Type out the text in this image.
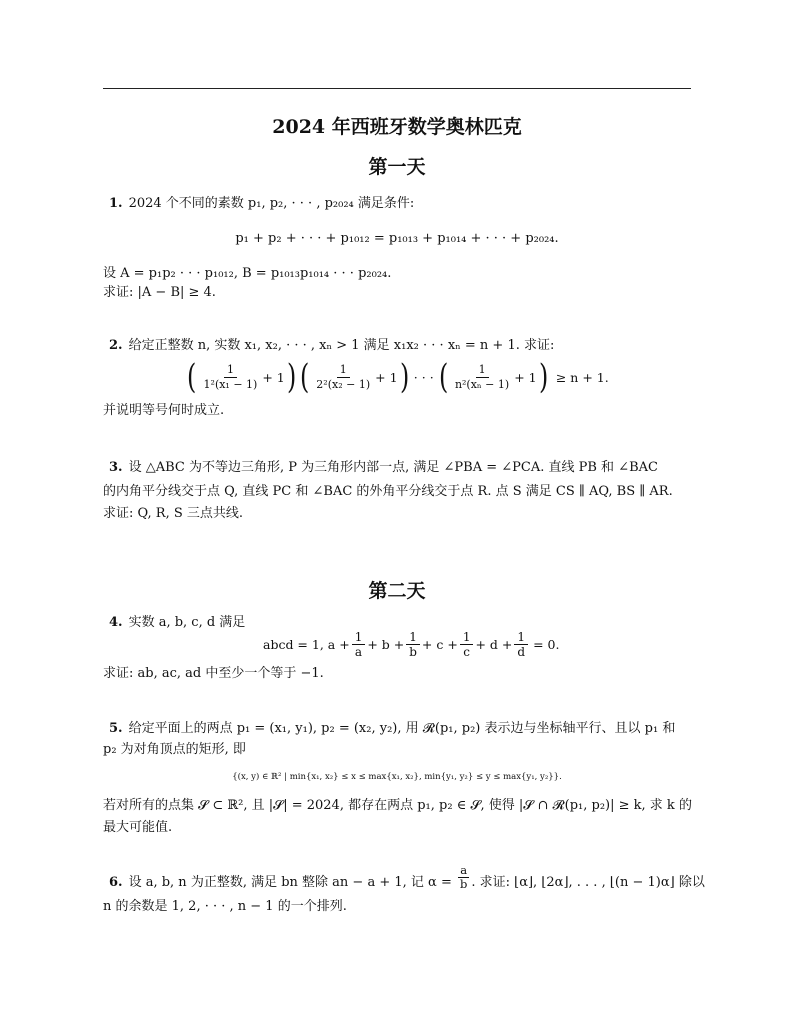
2024 年西班牙数学奥林匹克
第一天
1. 2024 个不同的素数 p₁, p₂, · · · , p₂₀₂₄ 满足条件:
p₁ + p₂ + · · · + p₁₀₁₂ = p₁₀₁₃ + p₁₀₁₄ + · · · + p₂₀₂₄.
设 A = p₁p₂ · · · p₁₀₁₂, B = p₁₀₁₃p₁₀₁₄ · · · p₂₀₂₄.
求证: |A − B| ≥ 4.
2. 给定正整数 n, 实数 x₁, x₂, · · · , xₙ > 1 满足 x₁x₂ · · · xₙ = n + 1. 求证:
( $\frac{1}{\text{1²(x₁ − 1)}} + 1$ ) ( $\frac{1}{\text{2²(x₂ − 1)}} + 1$ ) · · · ( $\frac{1}{\text{n²(xₙ − 1)}} + 1$ ) ≥ n + 1.
并说明等号何时成立.
3. 设 △ABC 为不等边三角形, P 为三角形内部一点, 满足 ∠PBA = ∠PCA. 直线 PB 和 ∠BAC
的内角平分线交于点 Q, 直线 PC 和 ∠BAC 的外角平分线交于点 R. 点 S 满足 CS ∥ AQ, BS ∥ AR.
求证: Q, R, S 三点共线.
第二天
4. 实数 a, b, c, d 满足
abcd = 1, $a + \frac{1}{a} + b + \frac{1}{b} + c + \frac{1}{c} + d + \frac{1}{d} = 0$.
求证: ab, ac, ad 中至少一个等于 −1.
5. 给定平面上的两点 p₁ = (x₁, y₁), p₂ = (x₂, y₂), 用 𝓡(p₁, p₂) 表示边与坐标轴平行、且以 p₁ 和
p₂ 为对角顶点的矩形, 即
{(x, y) ∈ ℝ² | min{x₁, x₂} ≤ x ≤ max{x₁, x₂}, min{y₁, y₂} ≤ y ≤ max{y₁, y₂}}.
若对所有的点集 𝓢 ⊂ ℝ², 且 |𝓢| = 2024, 都存在两点 p₁, p₂ ∈ 𝓢, 使得 |𝓢 ∩ 𝓡(p₁, p₂)| ≥ k, 求 k 的
最大可能值.
6. 设 a, b, n 为正整数, 满足 bn 整除 an − a + 1, 记 $\alpha = \frac{a}{b}$ . 求证: ⌊α⌋, ⌊2α⌋, . . . , ⌊(n − 1)α⌋ 除以
n 的余数是 1, 2, · · · , n − 1 的一个排列.
